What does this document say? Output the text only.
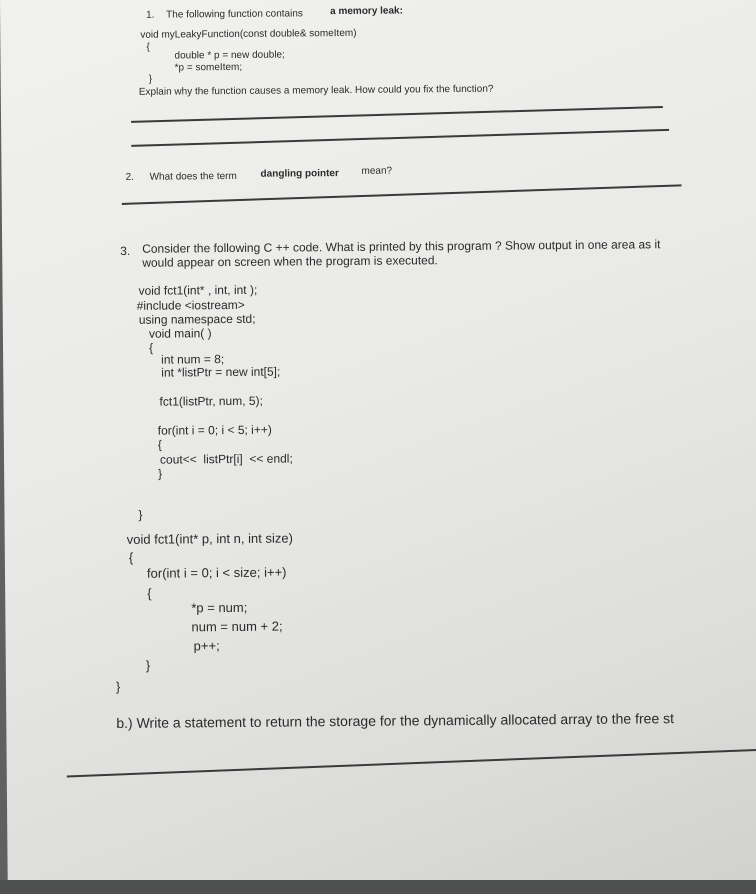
1. The following function contains	a memory leak:
void myLeakyFunction(const double& someItem)
{
double * p = new double;
*p = someItem;
}
Explain why the function causes a memory leak. How could you fix the function?
2. What does the term dangling pointer mean?
3. Consider the following C ++ code. What is printed by this program ? Show output in one area as it
would appear on screen when the program is executed.
void fct1(int* , int, int );
#include <iostream>
using namespace std;
void main( )
{
int num = 8;
int *listPtr = new int[5];
fct1(listPtr, num, 5);
for(int i = 0; i < 5; i++)
{
cout<<  listPtr[i]  << endl;
}
}
void fct1(int* p, int n, int size)
{
for(int i = 0; i < size; i++)
{
*p = num;
num = num + 2;
p++;
}
}
b.) Write a statement to return the storage for the dynamically allocated array to the free st
